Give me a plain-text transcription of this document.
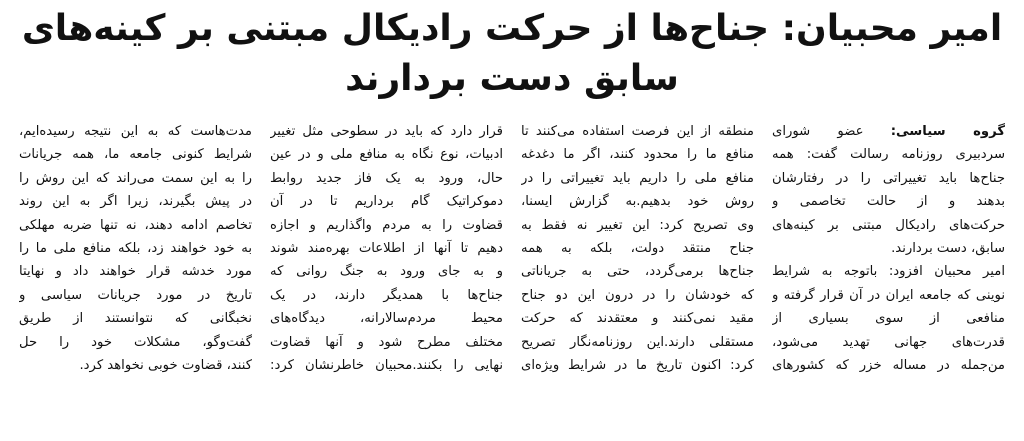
امیر محبیان: جناح‌ها از حرکت رادیکال مبتنی بر کینه‌های
سابق دست بردارند
گروه سیاسی: عضو شورای
سردبیری روزنامه رسالت گفت: همه
جناح‌ها باید تغییراتی را در رفتارشان
بدهند و از حالت تخاصمی و
حرکت‌های رادیکال مبتنی بر کینه‌های
سابق، دست بردارند.
امیر محبیان افزود: باتوجه به شرایط
نوینی که جامعه ایران در آن قرار گرفته و
منافعی از سوی بسیاری از
قدرت‌های جهانی تهدید می‌شود،
من‌جمله در مساله خزر که کشورهای
منطقه از این فرصت استفاده می‌کنند تا
منافع ما را محدود کنند، اگر ما دغدغه
منافع ملی را داریم باید تغییراتی را در
روش خود بدهیم.به گزارش ایسنا،
وی تصریح کرد: این تغییر نه فقط به
جناح منتقد دولت، بلکه به همه
جناح‌ها برمی‌گردد، حتی به جریاناتی
که خودشان را در درون این دو جناح
مقید نمی‌کنند و معتقدند که حرکت
مستقلی دارند.این روزنامه‌نگار تصریح
کرد: اکنون تاریخ ما در شرایط ویژه‌ای
قرار دارد که باید در سطوحی مثل تغییر
ادبیات، نوع نگاه به منافع ملی و در عین
حال، ورود به یک فاز جدید روابط
دموکراتیک گام برداریم تا در آن
قضاوت را به مردم واگذاریم و اجازه
دهیم تا آنها از اطلاعات بهره‌مند شوند
و به جای ورود به جنگ روانی که
جناح‌ها با همدیگر دارند، در یک
محیط مردم‌سالارانه، دیدگاه‌های
مختلف مطرح شود و آنها قضاوت
نهایی را بکنند.محبیان خاطرنشان کرد:
مدت‌هاست که به این نتیجه رسیده‌ایم،
شرایط کنونی جامعه ما، همه جریانات
را به این سمت می‌راند که این روش را
در پیش بگیرند، زیرا اگر به این روند
تخاصم ادامه دهند، نه تنها ضربه مهلکی
به خود خواهند زد، بلکه منافع ملی ما را
مورد خدشه قرار خواهند داد و نهایتا
تاریخ در مورد جریانات سیاسی و
نخبگانی که نتوانستند از طریق
گفت‌وگو، مشکلات خود را حل
کنند، قضاوت خوبی نخواهد کرد.
